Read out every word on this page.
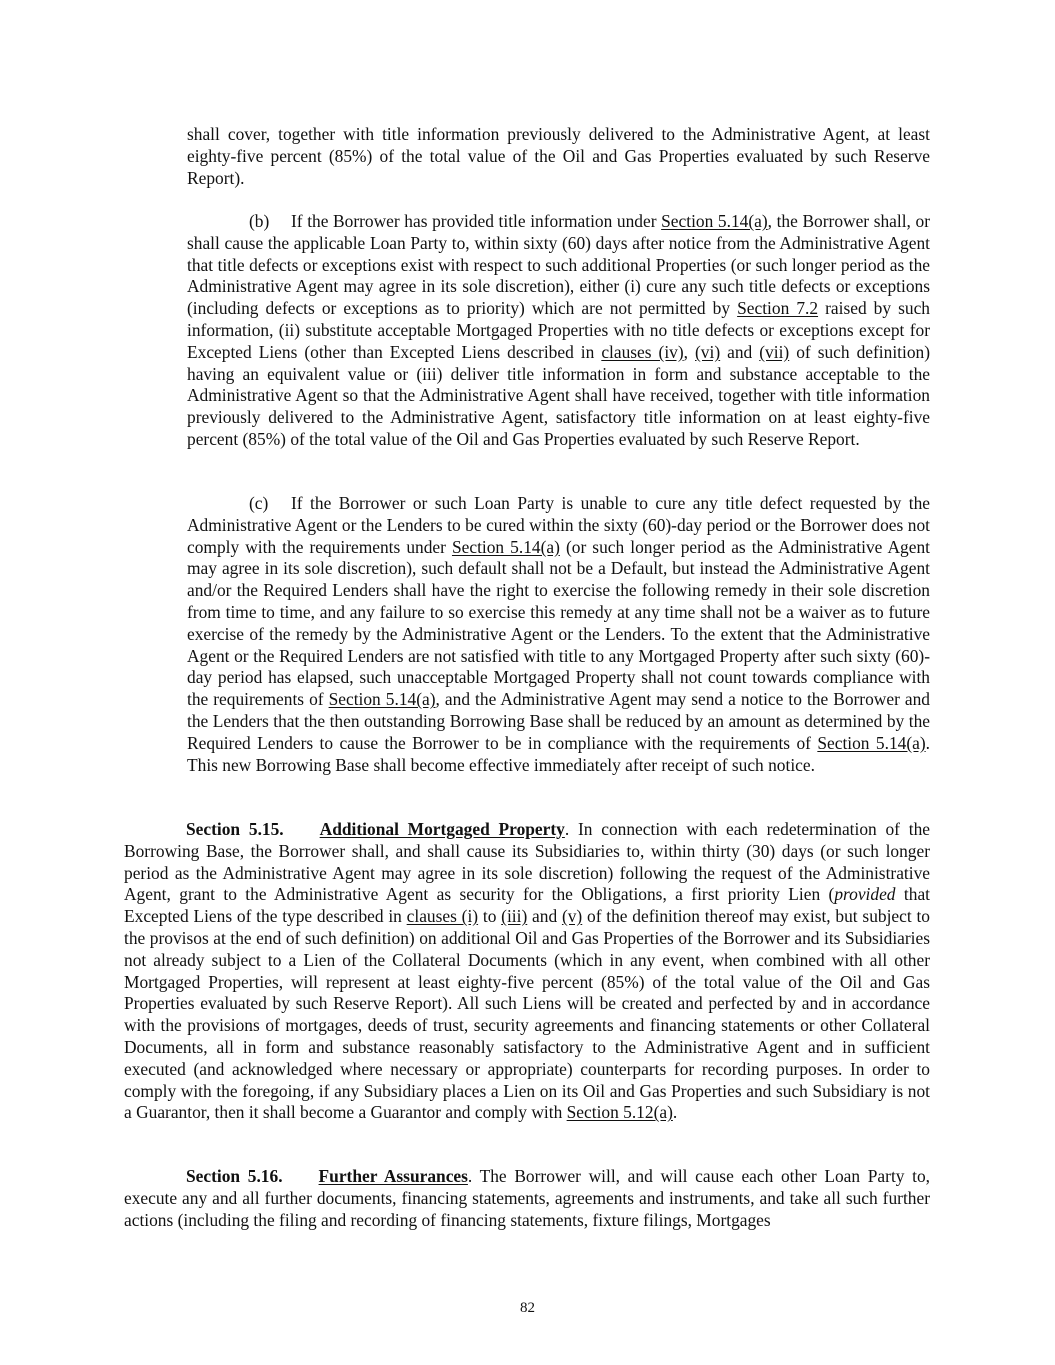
shall cover, together with title information previously delivered to the Administrative Agent, at least eighty-five percent (85%) of the total value of the Oil and Gas Properties evaluated by such Reserve Report).

(b) If the Borrower has provided title information under Section 5.14(a), the Borrower shall, or shall cause the applicable Loan Party to, within sixty (60) days after notice from the Administrative Agent that title defects or exceptions exist with respect to such additional Properties (or such longer period as the Administrative Agent may agree in its sole discretion), either (i) cure any such title defects or exceptions (including defects or exceptions as to priority) which are not permitted by Section 7.2 raised by such information, (ii) substitute acceptable Mortgaged Properties with no title defects or exceptions except for Excepted Liens (other than Excepted Liens described in clauses (iv), (vi) and (vii) of such definition) having an equivalent value or (iii) deliver title information in form and substance acceptable to the Administrative Agent so that the Administrative Agent shall have received, together with title information previously delivered to the Administrative Agent, satisfactory title information on at least eighty-five percent (85%) of the total value of the Oil and Gas Properties evaluated by such Reserve Report.

(c) If the Borrower or such Loan Party is unable to cure any title defect requested by the Administrative Agent or the Lenders to be cured within the sixty (60)-day period or the Borrower does not comply with the requirements under Section 5.14(a) (or such longer period as the Administrative Agent may agree in its sole discretion), such default shall not be a Default, but instead the Administrative Agent and/or the Required Lenders shall have the right to exercise the following remedy in their sole discretion from time to time, and any failure to so exercise this remedy at any time shall not be a waiver as to future exercise of the remedy by the Administrative Agent or the Lenders. To the extent that the Administrative Agent or the Required Lenders are not satisfied with title to any Mortgaged Property after such sixty (60)-day period has elapsed, such unacceptable Mortgaged Property shall not count towards compliance with the requirements of Section 5.14(a), and the Administrative Agent may send a notice to the Borrower and the Lenders that the then outstanding Borrowing Base shall be reduced by an amount as determined by the Required Lenders to cause the Borrower to be in compliance with the requirements of Section 5.14(a). This new Borrowing Base shall become effective immediately after receipt of such notice.

Section 5.15. Additional Mortgaged Property. In connection with each redetermination of the Borrowing Base, the Borrower shall, and shall cause its Subsidiaries to, within thirty (30) days (or such longer period as the Administrative Agent may agree in its sole discretion) following the request of the Administrative Agent, grant to the Administrative Agent as security for the Obligations, a first priority Lien (provided that Excepted Liens of the type described in clauses (i) to (iii) and (v) of the definition thereof may exist, but subject to the provisos at the end of such definition) on additional Oil and Gas Properties of the Borrower and its Subsidiaries not already subject to a Lien of the Collateral Documents (which in any event, when combined with all other Mortgaged Properties, will represent at least eighty-five percent (85%) of the total value of the Oil and Gas Properties evaluated by such Reserve Report). All such Liens will be created and perfected by and in accordance with the provisions of mortgages, deeds of trust, security agreements and financing statements or other Collateral Documents, all in form and substance reasonably satisfactory to the Administrative Agent and in sufficient executed (and acknowledged where necessary or appropriate) counterparts for recording purposes. In order to comply with the foregoing, if any Subsidiary places a Lien on its Oil and Gas Properties and such Subsidiary is not a Guarantor, then it shall become a Guarantor and comply with Section 5.12(a).

Section 5.16. Further Assurances. The Borrower will, and will cause each other Loan Party to, execute any and all further documents, financing statements, agreements and instruments, and take all such further actions (including the filing and recording of financing statements, fixture filings, Mortgages

82
